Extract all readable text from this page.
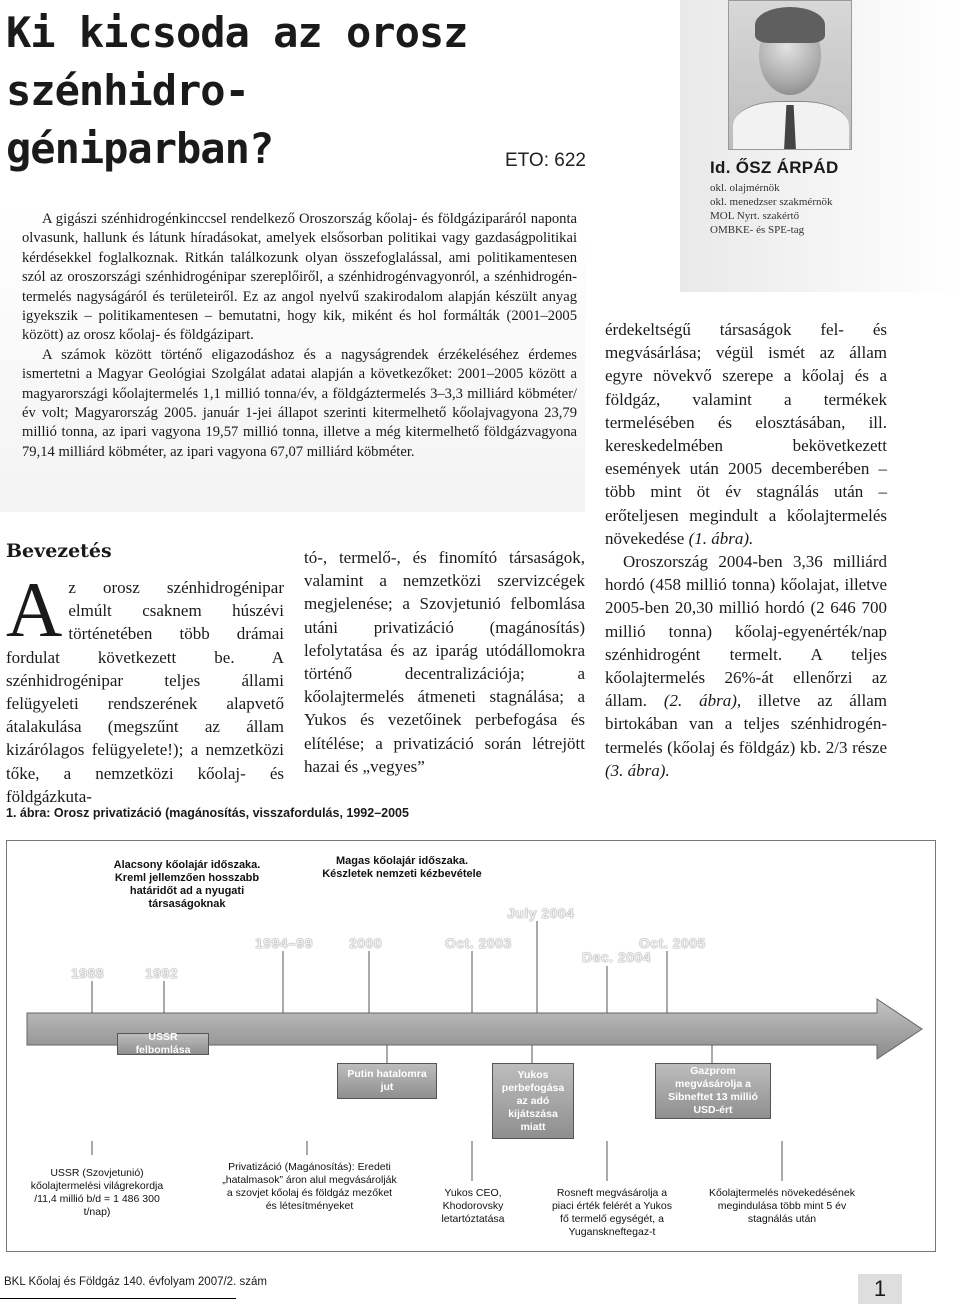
Ki kicsoda az orosz szénhidro-
géniparban?	ETO: 622	Id. ŐSZ ÁRPÁD
okl. olajmérnök
okl. menedzser szakmérnök
MOL Nyrt. szakértő
OMBKE- és SPE-tag

A gigászi szénhidrogénkinccsel rendelkező Oroszország kőolaj- és földgáziparáról naponta olvasunk, hallunk és látunk híradásokat, amelyek elsősorban politikai vagy gazdaságpolitikai kérdésekkel foglalkoznak. Ritkán találkozunk olyan összefoglalással, ami politikamentesen szól az oroszországi szénhidrogénipar szereplőiről, a szénhidrogénvagyonról, a szénhidrogén-termelés nagyságáról és területeiről. Ez az angol nyelvű szakirodalom alapján készült anyag igyekszik – politikamentesen – bemutatni, hogy kik, miként és hol formálták (2001–2005 között) az orosz kőolaj- és földgázipart.

A számok között történő eligazodáshoz és a nagyságrendek érzékeléséhez érdemes ismertetni a Magyar Geológiai Szolgálat adatai alapján a következőket: 2001–2005 között a magyarországi kőolajtermelés 1,1 millió tonna/év, a földgáztermelés 3–3,3 milliárd köbméter/év volt; Magyarország 2005. január 1-jei állapot szerinti kitermelhető kőolajvagyona 23,79 millió tonna, az ipari vagyona 19,57 millió tonna, illetve a még kitermelhető földgázvagyona 79,14 milliárd köbméter, az ipari vagyona 67,07 milliárd köbméter.

Bevezetés
A z orosz szénhidrogénipar elmúlt csaknem húszévi történetében több drámai fordulat következett be. A szénhidrogénipar teljes állami felügyeleti rendszerének alapvető átalakulása (megszűnt az állam kizárólagos felügyelete!); a nemzetközi tőke, a nemzetközi kőolaj- és földgázkuta-
tó-, termelő-, és finomító társaságok, valamint a nemzetközi szervizcégek megjelenése; a Szovjetunió felbomlása utáni privatizáció (magánosítás) lefolytatása és az iparág utódállomokra történő decentralizációja; a kőolajtermelés átmeneti stagnálása; a Yukos és vezetőinek perbefogása és elítélése; a privatizáció során létrejött hazai és „vegyes”

érdekeltségű társaságok fel- és megvásárlása; végül ismét az állam egyre növekvő szerepe a kőolaj és a földgáz, valamint a termékek termelésében és elosztásában, ill. kereskedelmében bekövetkezett események után 2005 decemberében – több mint öt év stagnálás után – erőteljesen megindult a kőolajtermelés növekedése (1. ábra).

Oroszország 2004-ben 3,36 milliárd hordó (458 millió tonna) kőolajat, illetve 2005-ben 20,30 millió hordó (2 646 700 millió tonna) kőolaj-egyenérték/nap szénhidrogént termelt. A teljes kőolajtermelés 26%-át ellenőrzi az állam. (2. ábra), illetve az állam birtokában van a teljes szénhidrogén-termelés (kőolaj és földgáz) kb. 2/3 része (3. ábra).

1. ábra: Orosz privatizáció (magánosítás, visszafordulás, 1992–2005
1988	1992
1994–99	2000	Oct. 2003
July 2004
Dec. 2004
Oct. 2005
Alacsony kőolajár időszaka. Kreml jellemzően hosszabb határidőt ad a nyugati társaságoknak
Magas kőolajár időszaka. Készletek nemzeti kézbevétele
USSR felbomlása
Putin hatalomra jut
Yukos perbefogása az adó kijátszása miatt
Gazprom megvásárolja a Sibneftet 13 millió USD-ért
USSR (Szovjetunió) kőolajtermelési világrekordja /11,4 millió b/d = 1 486 300 t/nap)
Privatizáció (Magánosítás): Eredeti „hatalmasok” áron alul megvásárolják a szovjet kőolaj és földgáz mezőket és létesítményeket
Yukos CEO, Khodorovsky letartóztatása
Rosneft megvásárolja a piaci érték felérét a Yukos fő termelő egységét, a Yuganskneftegaz-t
Kőolajtermelés növekedésének megindulása több mint 5 év stagnálás után
BKL Kőolaj és Földgáz 140. évfolyam 2007/2. szám	1
